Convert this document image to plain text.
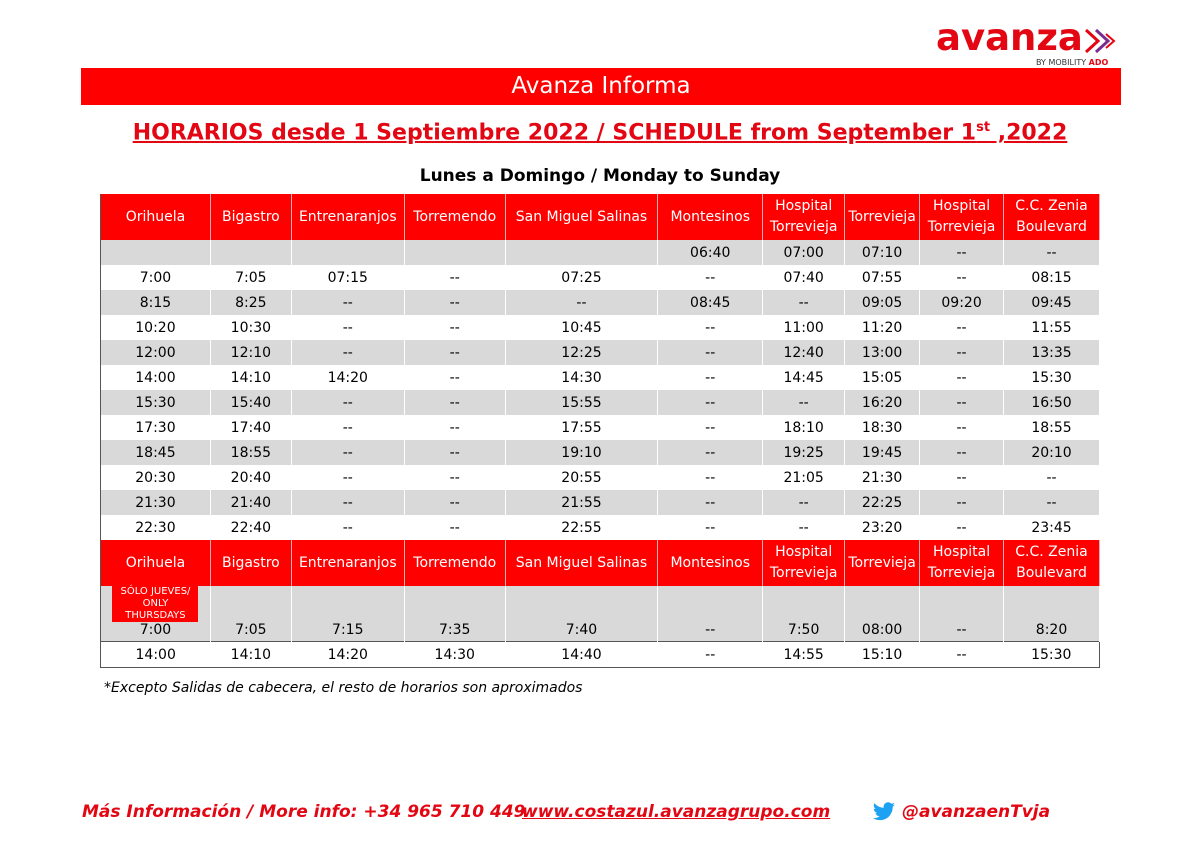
avanza
BY MOBILITY ADO
Avanza Informa
HORARIOS desde 1 Septiembre 2022 / SCHEDULE from September 1st ,2022
Lunes a Domingo / Monday to Sunday
Orihuela	Bigastro	Entrenaranjos	Torremendo	San Miguel Salinas	Montesinos	Hospital Torrevieja	Torrevieja	Hospital Torrevieja	C.C. Zenia Boulevard
					06:40	07:00	07:10	--	--
7:00	7:05	07:15	--	07:25	--	07:40	07:55	--	08:15
8:15	8:25	--	--	--	08:45	--	09:05	09:20	09:45
10:20	10:30	--	--	10:45	--	11:00	11:20	--	11:55
12:00	12:10	--	--	12:25	--	12:40	13:00	--	13:35
14:00	14:10	14:20	--	14:30	--	14:45	15:05	--	15:30
15:30	15:40	--	--	15:55	--	--	16:20	--	16:50
17:30	17:40	--	--	17:55	--	18:10	18:30	--	18:55
18:45	18:55	--	--	19:10	--	19:25	19:45	--	20:10
20:30	20:40	--	--	20:55	--	21:05	21:30	--	--
21:30	21:40	--	--	21:55	--	--	22:25	--	--
22:30	22:40	--	--	22:55	--	--	23:20	--	23:45
Orihuela	Bigastro	Entrenaranjos	Torremendo	San Miguel Salinas	Montesinos	Hospital Torrevieja	Torrevieja	Hospital Torrevieja	C.C. Zenia Boulevard
SÓLO JUEVES/ ONLY THURSDAYS
7:00	7:05	7:15	7:35	7:40	--	7:50	08:00	--	8:20
14:00	14:10	14:20	14:30	14:40	--	14:55	15:10	--	15:30
*Excepto Salidas de cabecera, el resto de horarios son aproximados
Más Información / More info: +34 965 710 449
www.costazul.avanzagrupo.com	@avanzaenTvja
